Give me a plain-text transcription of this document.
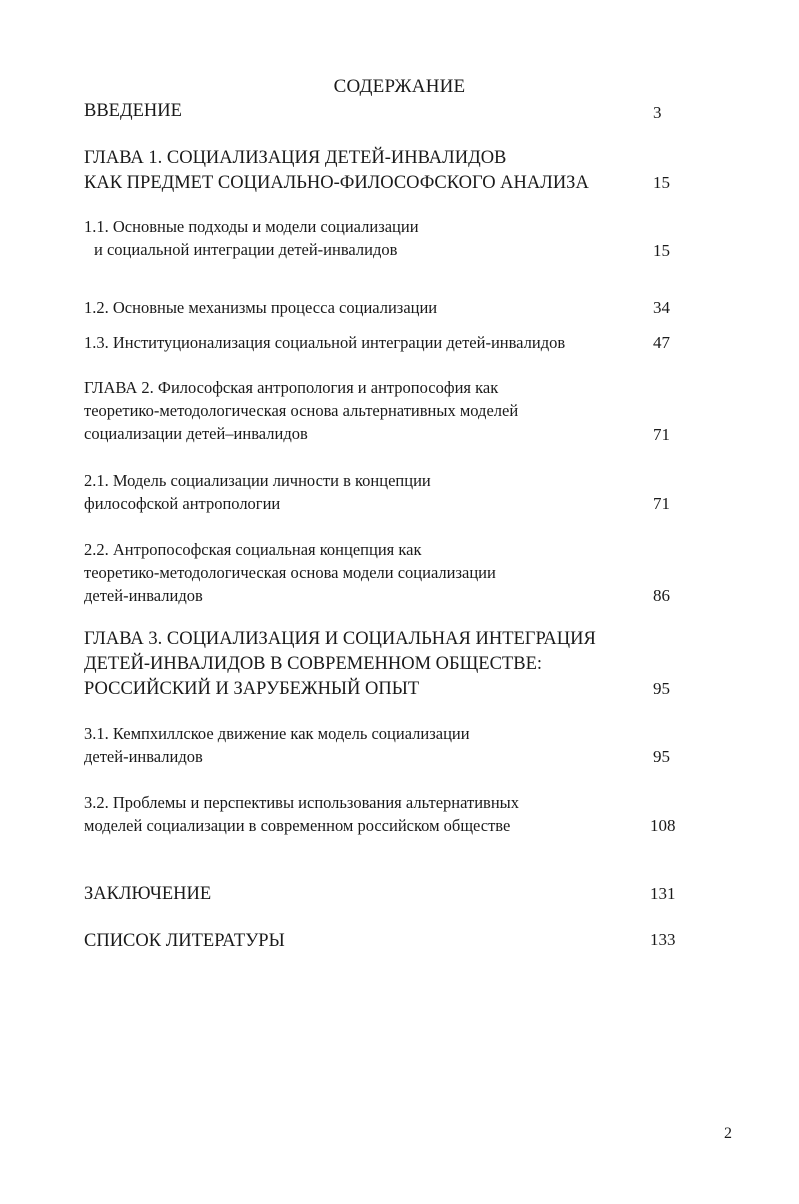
СОДЕРЖАНИЕ
ВВЕДЕНИЕ	3
ГЛАВА 1. СОЦИАЛИЗАЦИЯ ДЕТЕЙ-ИНВАЛИДОВ
КАК ПРЕДМЕТ СОЦИАЛЬНО-ФИЛОСОФСКОГО АНАЛИЗА	15
1.1. Основные подходы и модели социализации
и социальной интеграции детей-инвалидов	15
1.2. Основные механизмы процесса социализации	34
1.3. Институционализация социальной интеграции детей-инвалидов	47
ГЛАВА 2. Философская антропология и антропософия как
теоретико-методологическая основа альтернативных моделей
социализации детей–инвалидов	71
2.1. Модель социализации личности в концепции
философской антропологии	71
2.2. Антропософская социальная концепция как
теоретико-методологическая основа модели социализации
детей-инвалидов	86
ГЛАВА 3. СОЦИАЛИЗАЦИЯ И СОЦИАЛЬНАЯ ИНТЕГРАЦИЯ
ДЕТЕЙ-ИНВАЛИДОВ В СОВРЕМЕННОМ ОБЩЕСТВЕ:
РОССИЙСКИЙ И ЗАРУБЕЖНЫЙ ОПЫТ	95
3.1. Кемпхиллское движение как модель социализации
детей-инвалидов	95
3.2. Проблемы и перспективы использования альтернативных
моделей социализации в современном российском обществе	108
ЗАКЛЮЧЕНИЕ	131
СПИСОК ЛИТЕРАТУРЫ	133
2
